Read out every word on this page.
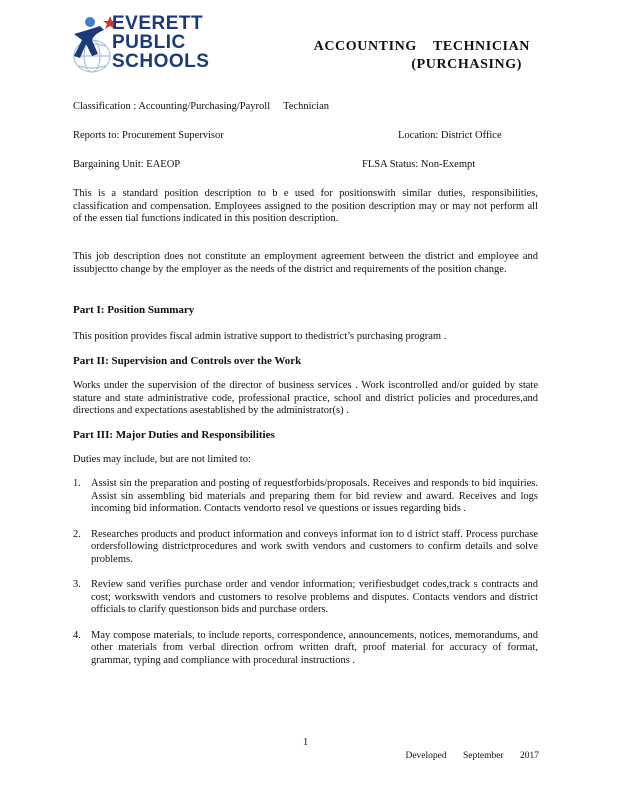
EVERETT
PUBLIC
SCHOOLS
ACCOUNTING    TECHNICIAN
(PURCHASING)
Classification : Accounting/Purchasing/Payroll     Technician
Reports to: Procurement Supervisor	Location: District Office
Bargaining Unit: EAEOP	FLSA Status: Non-Exempt
This is a standard position description to b e used for positionswith similar duties, responsibilities, classification and compensation. Employees assigned to the position description may or may not perform all of the essen tial functions indicated in this position description.
This job description does not constitute an employment agreement between the district and employee and issubjectto change by the employer as the needs of the district and requirements of the position change.
Part I: Position Summary
This position provides fiscal admin istrative support to thedistrict’s purchasing program .
Part II: Supervision and Controls over the Work
Works under the supervision of the director of business services . Work iscontrolled and/or guided by state stature and state administrative code, professional practice, school and district policies and procedures,and directions and expectations asestablished by the administrator(s) .
Part III: Major Duties and Responsibilities
Duties may include, but are not limited to:
1. Assist sin the preparation and posting of requestforbids/proposals. Receives and responds to bid inquiries. Assist sin assembling bid materials and preparing them for bid review and award. Receives and logs incoming bid information. Contacts vendorto resol ve questions or issues regarding bids .
2. Researches products and product information and conveys informat ion to d istrict staff. Process purchase ordersfollowing districtprocedures and work swith vendors and customers to confirm details and solve problems.
3. Review sand verifies purchase order and vendor information; verifiesbudget codes,track s contracts and cost; workswith vendors and customers to resolve problems and disputes. Contacts vendors and district officials to clarify questionson bids and purchase orders.
4. May compose materials, to include reports, correspondence, announcements, notices, memorandums, and other materials from verbal direction orfrom written draft, proof material for accuracy of format, grammar, typing and compliance with procedural instructions .
1
Developed September 2017
